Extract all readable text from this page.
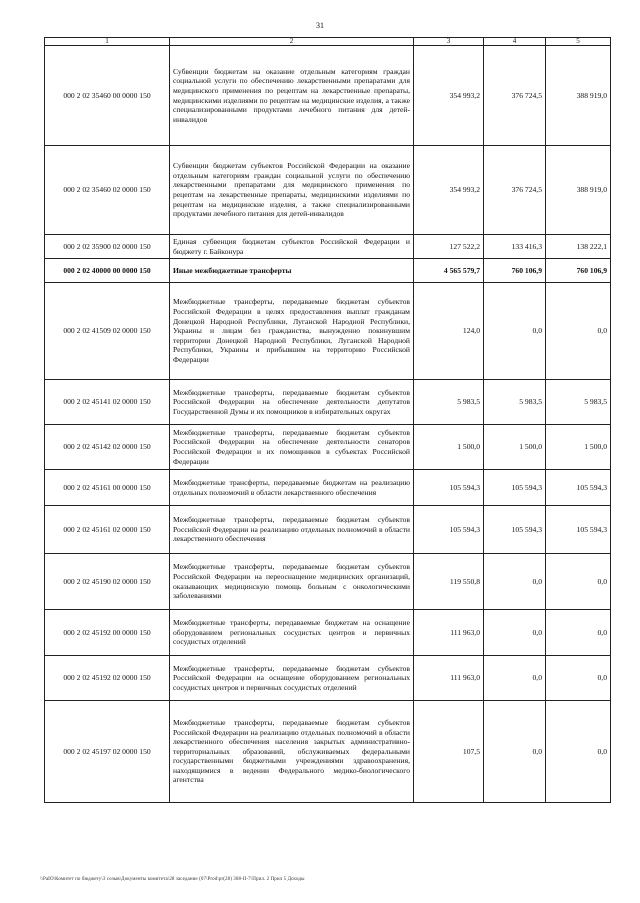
31
1	2	3	4	5
000 2 02 35460 00 0000 150	Субвенции бюджетам на оказание отдельным категориям граждан социальной услуги по обеспечению лекарственными препаратами для медицинского применения по рецептам на лекарственные препараты, медицинскими изделиями по рецептам на медицинские изделия, а также специализированными продуктами лечебного питания для детей-инвалидов	354 993,2	376 724,5	388 919,0
000 2 02 35460 02 0000 150	Субвенции бюджетам субъектов Российской Федерации на оказание отдельным категориям граждан социальной услуги по обеспечению лекарственными препаратами для медицинского применения по рецептам на лекарственные препараты, медицинскими изделиями по рецептам на медицинские изделия, а также специализированными продуктами лечебного питания для детей-инвалидов	354 993,2	376 724,5	388 919,0
000 2 02 35900 02 0000 150	Единая субвенция бюджетам субъектов Российской Федерации и бюджету г. Байконура	127 522,2	133 416,3	138 222,1
000 2 02 40000 00 0000 150	Иные межбюджетные трансферты	4 565 579,7	760 106,9	760 106,9
000 2 02 41509 02 0000 150	Межбюджетные трансферты, передаваемые бюджетам субъектов Российской Федерации в целях предоставления выплат гражданам Донецкой Народной Республики, Луганской Народной Республики, Украины и лицам без гражданства, вынужденно покинувшим территории Донецкой Народной Республики, Луганской Народной Республики, Украины и прибывшим на территорию Российской Федерации	124,0	0,0	0,0
000 2 02 45141 02 0000 150	Межбюджетные трансферты, передаваемые бюджетам субъектов Российской Федерации на обеспечение деятельности депутатов Государственной Думы и их помощников в избирательных округах	5 983,5	5 983,5	5 983,5
000 2 02 45142 02 0000 150	Межбюджетные трансферты, передаваемые бюджетам субъектов Российской Федерации на обеспечение деятельности сенаторов Российской Федерации и их помощников в субъектах Российской Федерации	1 500,0	1 500,0	1 500,0
000 2 02 45161 00 0000 150	Межбюджетные трансферты, передаваемые бюджетам на реализацию отдельных полномочий в области лекарственного обеспечения	105 594,3	105 594,3	105 594,3
000 2 02 45161 02 0000 150	Межбюджетные трансферты, передаваемые бюджетам субъектов Российской Федерации на реализацию отдельных полномочий в области лекарственного обеспечения	105 594,3	105 594,3	105 594,3
000 2 02 45190 02 0000 150	Межбюджетные трансферты, передаваемые бюджетам субъектов Российской Федерации на переоснащение медицинских организаций, оказывающих медицинскую помощь больным с онкологическими заболеваниями	119 550,8	0,0	0,0
000 2 02 45192 00 0000 150	Межбюджетные трансферты, передаваемые бюджетам на оснащение оборудованием региональных сосудистых центров и первичных сосудистых отделений	111 963,0	0,0	0,0
000 2 02 45192 02 0000 150	Межбюджетные трансферты, передаваемые бюджетам субъектов Российской Федерации на оснащение оборудованием региональных сосудистых центров и первичных сосудистых отделений	111 963,0	0,0	0,0
000 2 02 45197 02 0000 150	Межбюджетные трансферты, передаваемые бюджетам субъектов Российской Федерации на реализацию отдельных полномочий в области лекарственного обеспечения населения закрытых административно-территориальных образований, обслуживаемых федеральными государственными бюджетными учреждениями здравоохранения, находящимися в ведении Федерального медико-биологического агентства	107,5	0,0	0,0
\\PaIO\Комитет по бюджету\3 созыв\Документы комитета\28 заседание (07\Prod\pr(28) 308-II-7\Прил. 2 Прил 5 Доходы
